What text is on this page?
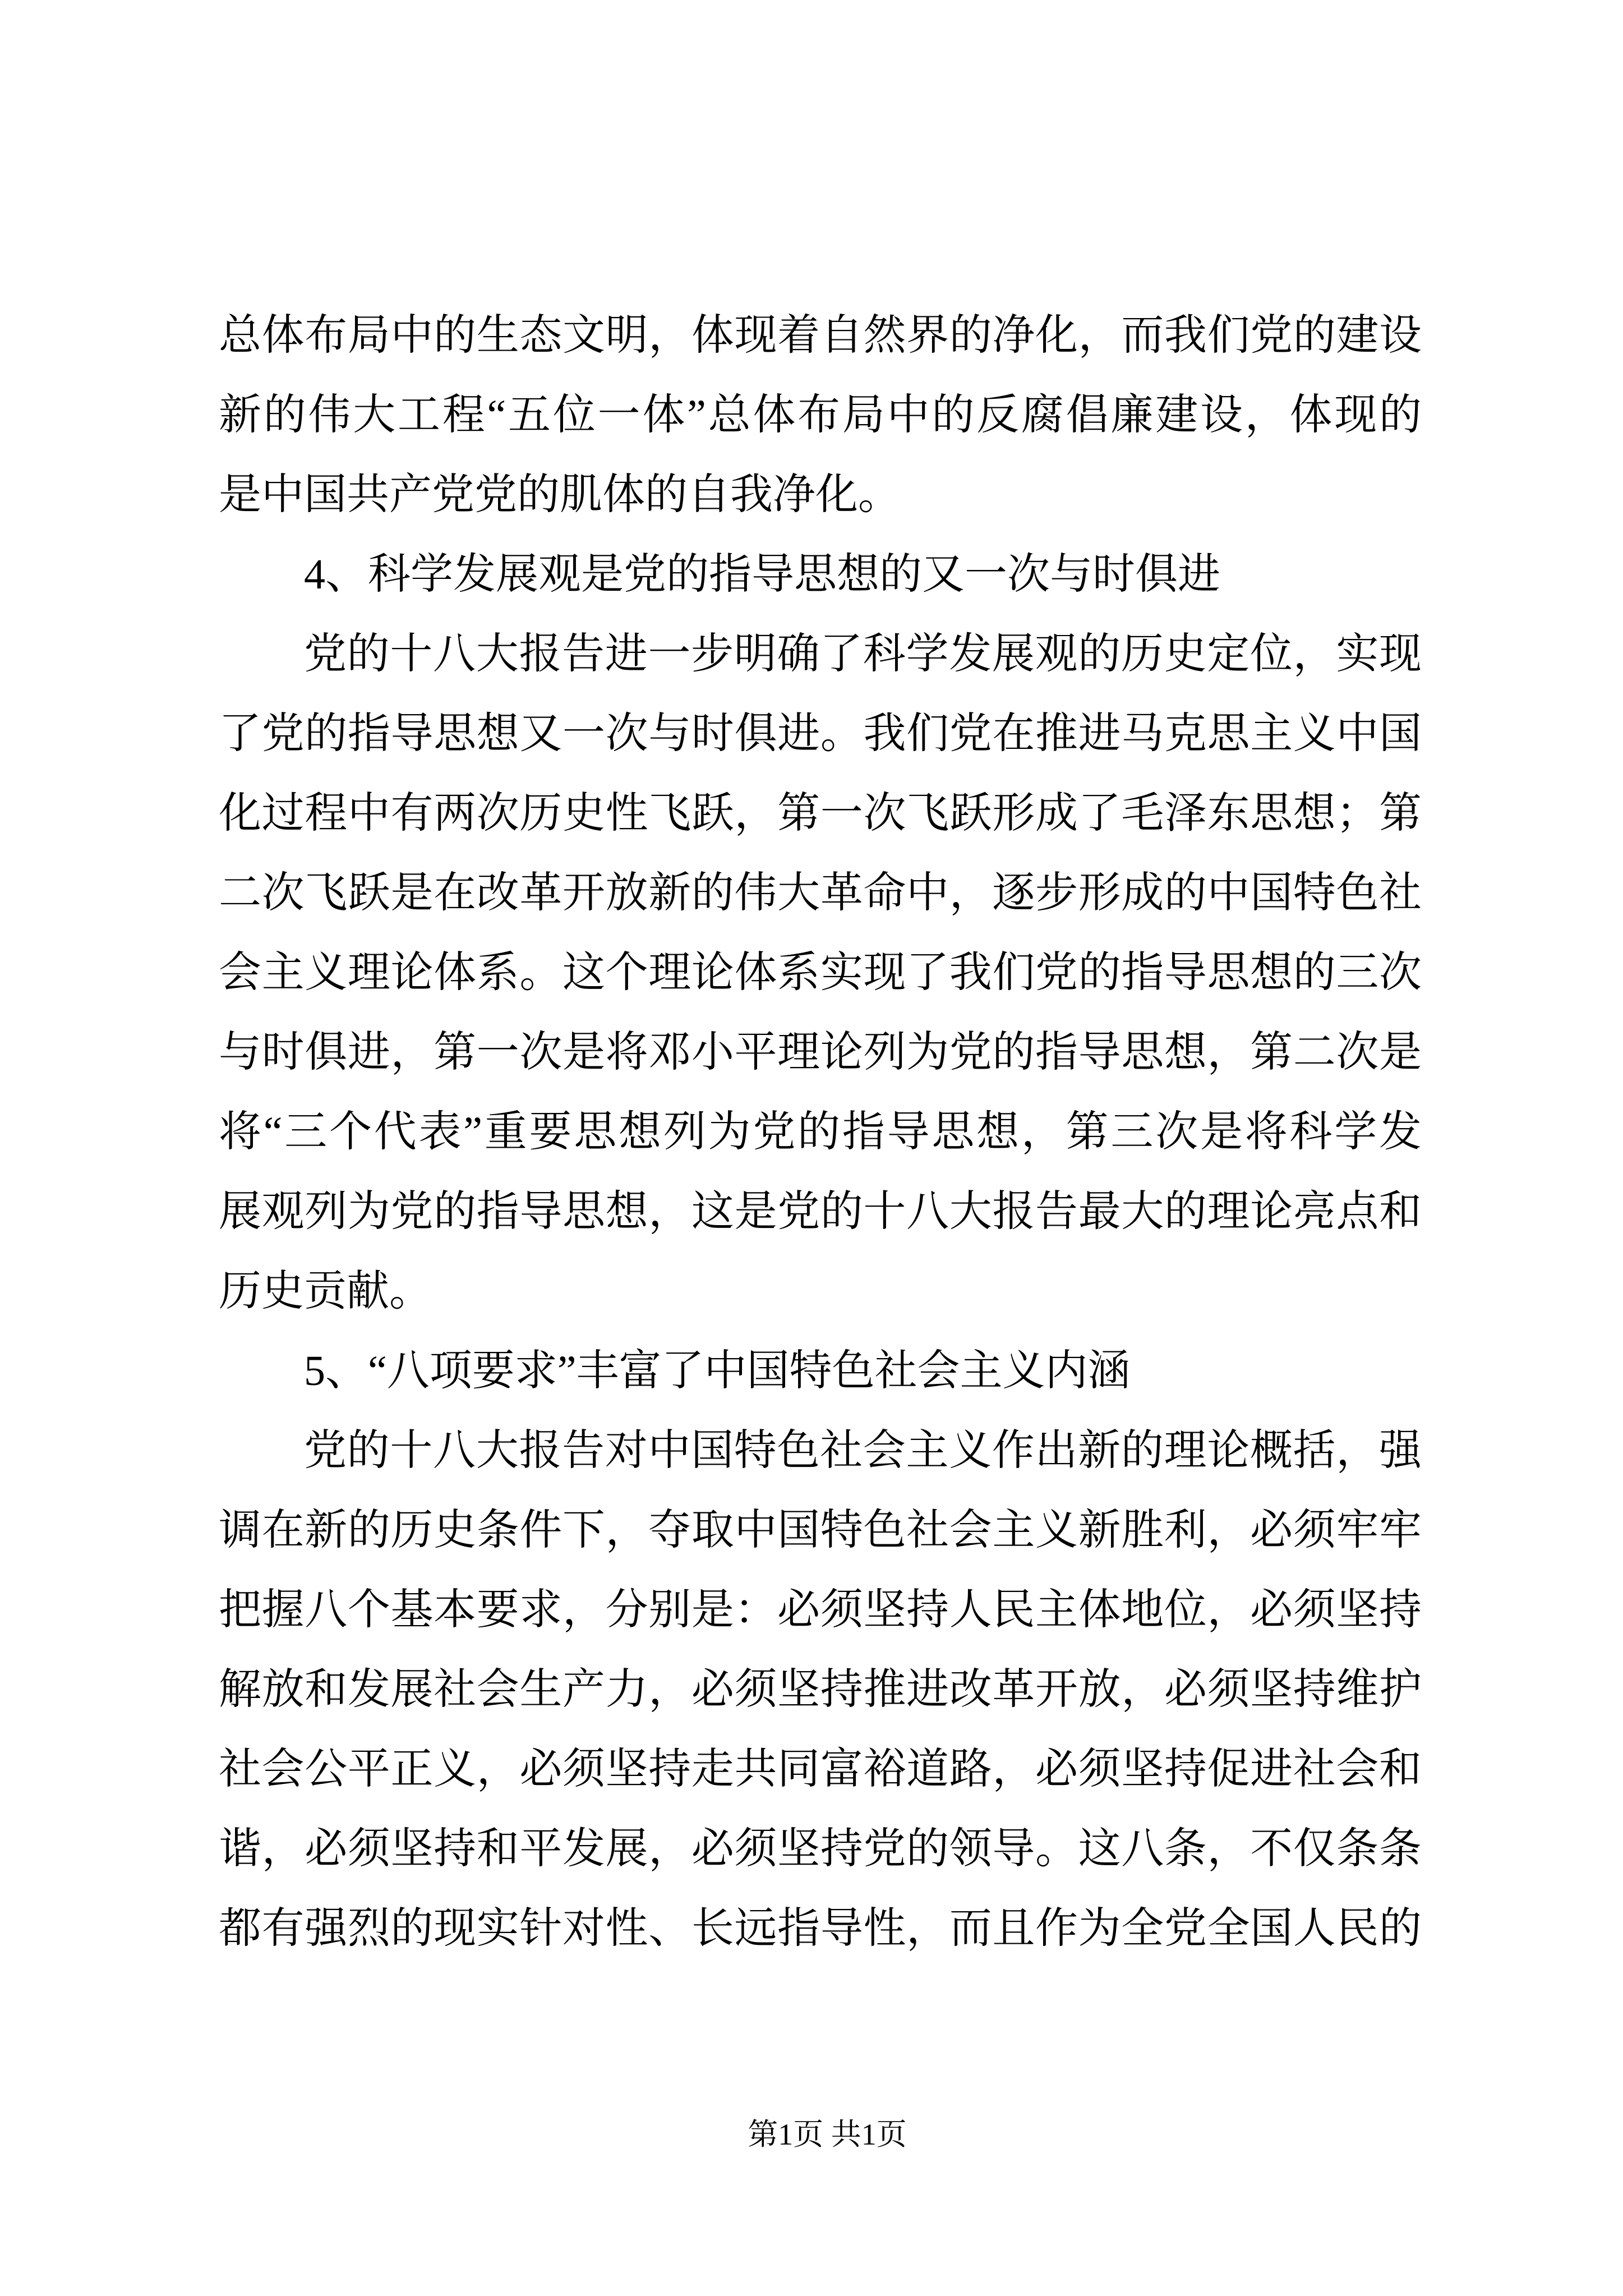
总体布局中的生态文明，体现着自然界的净化，而我们党的建设
新的伟大工程“五位一体”总体布局中的反腐倡廉建设，体现的
是中国共产党党的肌体的自我净化。
4、科学发展观是党的指导思想的又一次与时俱进
党的十八大报告进一步明确了科学发展观的历史定位，实现
了党的指导思想又一次与时俱进。我们党在推进马克思主义中国
化过程中有两次历史性飞跃，第一次飞跃形成了毛泽东思想；第
二次飞跃是在改革开放新的伟大革命中，逐步形成的中国特色社
会主义理论体系。这个理论体系实现了我们党的指导思想的三次
与时俱进，第一次是将邓小平理论列为党的指导思想，第二次是
将“三个代表”重要思想列为党的指导思想，第三次是将科学发
展观列为党的指导思想，这是党的十八大报告最大的理论亮点和
历史贡献。
5、“八项要求”丰富了中国特色社会主义内涵
党的十八大报告对中国特色社会主义作出新的理论概括，强
调在新的历史条件下，夺取中国特色社会主义新胜利，必须牢牢
把握八个基本要求，分别是：必须坚持人民主体地位，必须坚持
解放和发展社会生产力，必须坚持推进改革开放，必须坚持维护
社会公平正义，必须坚持走共同富裕道路，必须坚持促进社会和
谐，必须坚持和平发展，必须坚持党的领导。这八条，不仅条条
都有强烈的现实针对性、长远指导性，而且作为全党全国人民的
第1页 共1页
